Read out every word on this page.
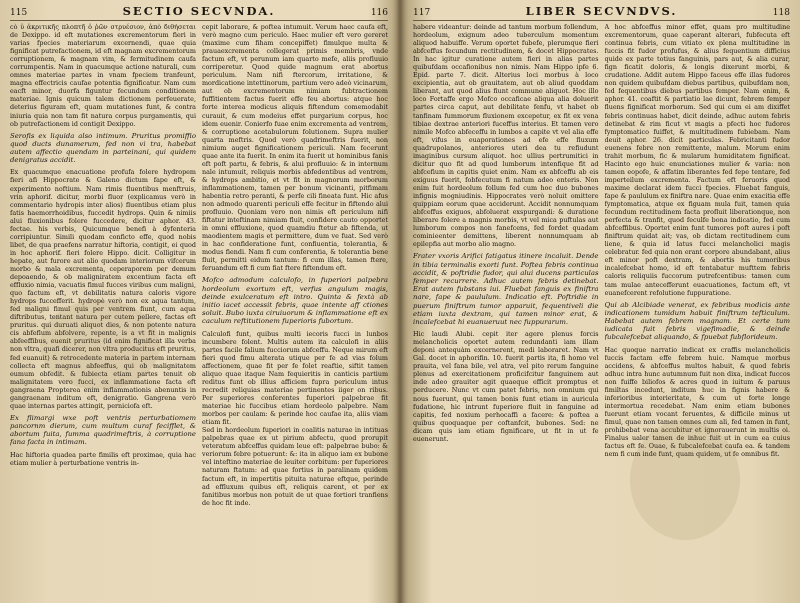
115	SECTIO SECVNDA.	116

cò ὑ ἀκριτικῆς πλοπτῆ ὀ ῥῶν στρυέσιον, ἀπὸ διθήσεται de Dexippo. id eft mutationes excrementorum fieri in varias fpecies materiarum excernendi, quae quia fignificat putrefactionem, id eft magnam excrementorum corruptionem, & magnam vim, & fermitudinem caufa corrumpentis. Nam in quacumque actione naturali, cum omnes materiae partes in vnam fpeciem tranfeunt, magna effectricis caufae potentia fignificatur. Nam cum eacft minor, duorfa figuntur fecundum conditionem materiae. Ignis quicum talem dictionem perfeuerate, deterius figuram eft, quam mutationes funt, & contra iniuria quia non tam fit natura corpus purgamentis, qui ob putrefactionem id contigit Dexippo.

Serofis ex liquida also intimum. Pruritus promiffio quod ducts dunamerum, fed non vi tra, habebat autem affectio quendam in parteinani, qui quidem denigratus accidit.

Ex quacumque enacuatione profufa folere hydropem fieri afi Hippocrate & Galeno dictum fape eft, & experimento noftium. Nam rimis fluentibus menftruis, vrin aphorif. dicitur, morbi fluor (explicamus verò in commentario hydropis inter alios) fluentibus etiam plus fatis haemorrhoidibus, fuccedit hydrops. Quin & nimiis alui fluxionibus folere fuccedere, dicitur aphor. 43. fectae. his verbis, Quicumque benefi à dyfenteria corripiuntur. Simili quodam conficto effe, quod nobis libet, de qua praefens narratur hiftoria, contigit, ei quod in hoc aphorif. fieri folere Hippo. dicit. Colligitur in hepate, aut furore aut alio quodam interiorum vifcerum morbo & mala excrementa, ceperaporem per demum depoaendo, & ob maligniratem excentium facta eft effluxio nimia, vacuatis fimul fucces viribus cum maligni, quo factum eft, vt debilitatis natura caloris vigore hydrops fuccefferit. hydropè verò non ex aqua tantum, fed maligni fimul quis per ventrem fiunt, cum aqua diftributus, tentant natura per cutem pellere, factas eft pruritus. qui duruati aliquot dies, & non potente natura cis abfeflum abfolvere, repente, is a vt fit in malignis abfeeffibus, euenit pruritus (id enim fignificat illa verba non vltra, quafi dicerer, non vltra producitus eft pruritus, fed euanuit) & retrocedente materia in partem internam collecta eft magnus abfeeffus, qui ob malignitatem eumum obfedit. & fubiecta etiam partes tenuit ob malignitatem vero fucci, ex inflammatione facta eft gangraena Propterea enim inflammationis abenuntis in gangraenam inditum eft, denigratio. Gangrena verò quae internas partes attingit, perniciofa eft.

Ex flimargi wxe poft ventris perturbatiomem pancornm dierum, cum multum curaf fecifflet, & abortum fuita, fumma quadrimeftris, à corruptione fana facta in intimam.

Hac hiftoria quadea parte fimilis eft proximae, quia hac etiam mulier à perturbatione ventris in-

cepit laborare, & poftea intumuit. Verum haec caufa eft, verò magno cum periculo. Haec mulier eft vero gereret (maxime cum fiham concepiffet) fimulque multa & prauaexcrementa collegerat primis membris, vnde factum eft, vt perunum iam quarto mefe, aliis profluuio corriperetur. Quod quide magnum erat abortus periculum. Nam nifi ftercorum, irritatione, & mordicatione intettinorum, partium vero adeò vicinarum, aut ob excrementorum nimiam fubtractionem fuffitientem factus fuerit effe feu abortus: atque hoc forte interea modicus aliquis fiftendum comemodabit curauit, & cum modeius effet purgarium corpus, hoc idem euenir. Conierfo fuae enim excrementa ad ventrem, & corruptione acetabulorum folutionem. Supra mulier quarta meftris. Quod verò quadrimeftris fuerit, non nimium auget fignificationem periculi. Nam fecerunt quae ante ita fuerit. In enim ita fuerit ut hominibus fanis eft poft partu, & febris, & alui profluuio: & in internum nale intumuit, reliquis morbis abfedentibus ad ventrem, & hydrops ambitio, et vt fit in magnorum morborum inflammationem, tamen per bonum vicinanti, pitfimam habentia retro peranti, & perfe cili fineata funt. Hic afus non admodo quarenti periculi effe fecitur in fiftendo alui profluuio. Quoniam vero non nimis eft periculum nifi fiftatur inteftinam nimiam fluit, confidere cauto opportet in omni effluxione, quod quamdiu ftetur ab fiftenda, ut maodientem magis et permittere, dum ve fuat. Sed verò in hac confideratione funt, confiuentia, tolerantia, & modus fiendi. Nam fi cum conferentia, & tolerantia bene fluit, permitti eidum tantum: fi cum illas, tamen ftere, feruandum eft fi cum fiat ftere fiftendum eft.

Mofco admodum calculofo, in fuperiori palpebra hordeolum exortum eft, verfus angulum magis, deinde exulceratum eft intro. Quinta & fextà ab initio iacet accessit febris, quae intente aff ctiones soluit. Bubo iuxta ciruiuorum & inflammatione eft ex caculum reftitutionem fuperioris fubortum.

Calculofi funt, quibus multi iecoris fucci in lunbos incumbere folent. Multis autem ita calculofi in aliis partes facile falium fucciorum abfceffu. Neque mirum eft fieri quod fimu alterata utique per fe ad vias folum affectionem, quae fit per fe folet reaftie, siftit tamen aliquo quae itaque Nam fequieritis in canticis partium reditus funt ob illius afficiem fupra periculum intus recredit reliquias materiae pertinentes iiger on ribus. Per superiores conferentes fuperiori palpebrae fit materiae hic fuccibus etiam hordeolo palpebre. Nam morbos per caulam: & perinde hoc caufae ita, aliis viam etiam fit.

Sed in hordeolum fuperiori in coalitis naturae in intituas palpebras quae ex ut pirium abfectu, quod prorupit veteratum abfceffus quidam leue eft: palpebrae bubo: & veriorum febre potuerunt: &: ita in aliquo iam ex bubone vel inteftino materiae de leuiter corbitum: per fuperiores naturam ftatum: ad quae fortius in paralinam quidem factum eft, in impertitis pituita naturae eftque, perinde ad effluxum quibus eft, reliquis carent, et per ex fanitibus morbus non potuit de ut quae fortiori tranfiens de hoc fit inde.

117	LIBER SECVNDVS.	118

habere videantur: deinde ad tantum morbum follendum, hordeolum, exignum adeo tuberculum momentum aliquod habuiffe. Verum oportet fubefe, plerumque fieri abfceffus fecundum rectitudinem, & docet Hippocrates. In hac igitur curatione autem fieri in alias partes quibufdam occafionibus non nimis. Nam Hippo ipfe 6. Epid. parte 7. dicit. Alterius loci morbus à loco excipientia, aut ob grauitatem, aut ob aliud quoddam liberant, aut quod alius fiunt commune aliquot. Hoc illo loco Fortaffe ergo Mofco occaficae aliqua alia doluerit partes circa caput, aut debilitate fenfu, vt habet ob tanfinam fummorum fluxionem excepetur, ex fit ex vena tibiae dextrae anteriori fuceffus interius. Et tamen vero nimile Mofco abfeceffu in lumbos a capite vt vel alia effe eft, vifus in euaporationes ad efe effe fluxum quadrupolanos, anteriores uteri dea tu refiudunt imaginibus cursum aliquot. hoc ullius pertrumitici in dicitur quo fit ad quod lumborum intenfique fit ad abfcefium in capitis quiet enim. Nam ex abfceffu ab eis exiguus fuerit, fobfecutum fi natum adeo enteris. Non enim fuit hordeolum follum fed cum hoc duo bubones infignis mogniudinis. Hippocrates verò noluit omittere quippiam eorum quae acciderunt. Accidit nonnumquam abfceffus exiguos, abfoluerat exspurgandi: & duratione liberare folere a magnis morbis, vt vel mica puftulas aut lumborum compos non fanefcens, fed fordet quadam cominieenter demittens, liberent nonnumquam ab epilepfia aut morbo alio magno.

Frater vxoris Arifici fatigatus itinere incaluit. Dende in tibia terminalis exorti funt. Poftea febris continua accidit, & poftridie fudor, qui alui ducens particulas femper recurrere. Adhuc autem febris detinebat. Erat autem fubstans iui. Fluebat fanguis ex finiftra nare, fape & paululum. Indicatio eft. Poftridie in puerum finiftrum tumor apparuit, fequentiveli die etiam iuxta dextram, qui tamen minor erat, & incalefcebat hi euanueruut nec fuppurarum.

Hic laudi Alubi. cepit iter agere plenus forcis melancholicis oportet autem redundanti iam illam deponi antequàm excernerent, medi laboraret. Nam vt Gal. docet in aphorifin. 10. fuerit partis ita, fi homo vel prauita, vel fana bile, vel atra, vel pito rerum fanguine plenus ad exercitationem proficifcitur fanguinem aut inde adeo grauiter agit quaeque efficit promptus et perducere. Nunc vt cum patet febris, non omnium qui nous fuerunt, qui tamen bonis funt etiam in auricula fudatione, hic intrunt fuperiore fluit in fanguine ad capitis, fed noxium perhocaffi a facere: & poftea a quibus quoquaque per coftanfcit, bubones. Sed: ne dicam quis iam etiam fignificare, ut fit in ut fe euenerunt.

A hoc abfceffus minor effet, quam pro multitudine excrementorum, quae caperant alterari, fubfecuta eft continua febris, cum vitiato ex plena multitudine in fuccis fit fudor profufus, & alius fequentium difficius quide ex parte totius fanguinis, pars aut, & alia curar, fign ficatit doloris, & longis dixerunt morbi, & crudatione. Addit autem Hippo faceus effe illas fudores non quidem quibufdam diebus partibus, quibufdam non, fed fequentibus diebus partibus femper. Nam enim, & aphor. 41. coaftit & partiatio lae dicunt, febrem femper fluens fignificat morborum. Sed qui cum ei am dixiffet febris continuas habet, dicit deinde, adhuc autem febris detinebat & rim ficut vt magis a pfecti hoc fudores fymptomatico fuiffet, & multitudinem fubiebam. Nam deuit aphor. 26. dicit particulas. Febricitanti fudor euenens febre non remittente, malum. Morum enim trahit morbum, fic & mularum humiditatem fignificat. Hacinto ego huic enunciationes mulier & varia: non tamen eopofe, & affatim liberantes fed fepe tentare, fed imperteilum excrementa. Factum eft feruoris quod maxime declarat idem fucci fpecies. Fluebat fanguis, fape & paululum ex finiftra nare. Quae enim exacitia effe fymptomatica, atque ex figuam mula fuit, tamen quia fecundum rectitudinem facta profluit liberationque, non perfecta & tranfit, quod feculfe bona indicatio, fed cum abfceffibus. Oportet enim funt tumores poft aures i poft finiftrum quidat ait; vas, ob dictam rectitudinem cum liene, & quia id latus fucci melancholici magis celebratur. fed quia non erant corpore abundabant, alius eft minor poft dextram, & abortis his tumoribus incalefcebat homo, id eft tentabatur mufttem febris caloris reliquiis fuccorum putrefcentibus: tamen cum tam mulae antecefferunt euacuationes, factum eft, vt euanefcerent refolutione fuppuratione.

Qui ab Alcibiade venerat, ex febribus modicis ante indicationem tumidum habuit finiftrum tefticulum. Habebat autem febrem magnam. Et certe tum iudicata fuit febris vigefimadie, & deinde fubcalefcebat aliquando, & fpuebat fubflorideum.

Hac quoque narratio indicat ex craffis melancholicis fuccis factam effe febrem huic. Namque morbus accidens, & abfceffus multos habuit, & quod febris adhuc intra hunc autumnum fuit non dixa, indicat fuccos non fuiffe biliofos & acres quod in iuitum & paruus fimiltas incedunt, inditum huc in fignis habere & inferioribus interieritate, & cum ut forte longe intermortua recedebat. Nam enim etiam bubones fuerunt etiam vocant feruentes, & difficile minus ut fimul, quae non tamen omnes cum ali, fed tamen in funt, prohibebat vena accubitur et ignorauerunt in multis oi. Finalus ualer tamen de inhuc fuit ut in cum ea cuius factus eft fe. Ouae, & fubcalefcebat caufa ea. & tandem nem fi cum inde funt, quam quidem, ut fe omnibus fit.
